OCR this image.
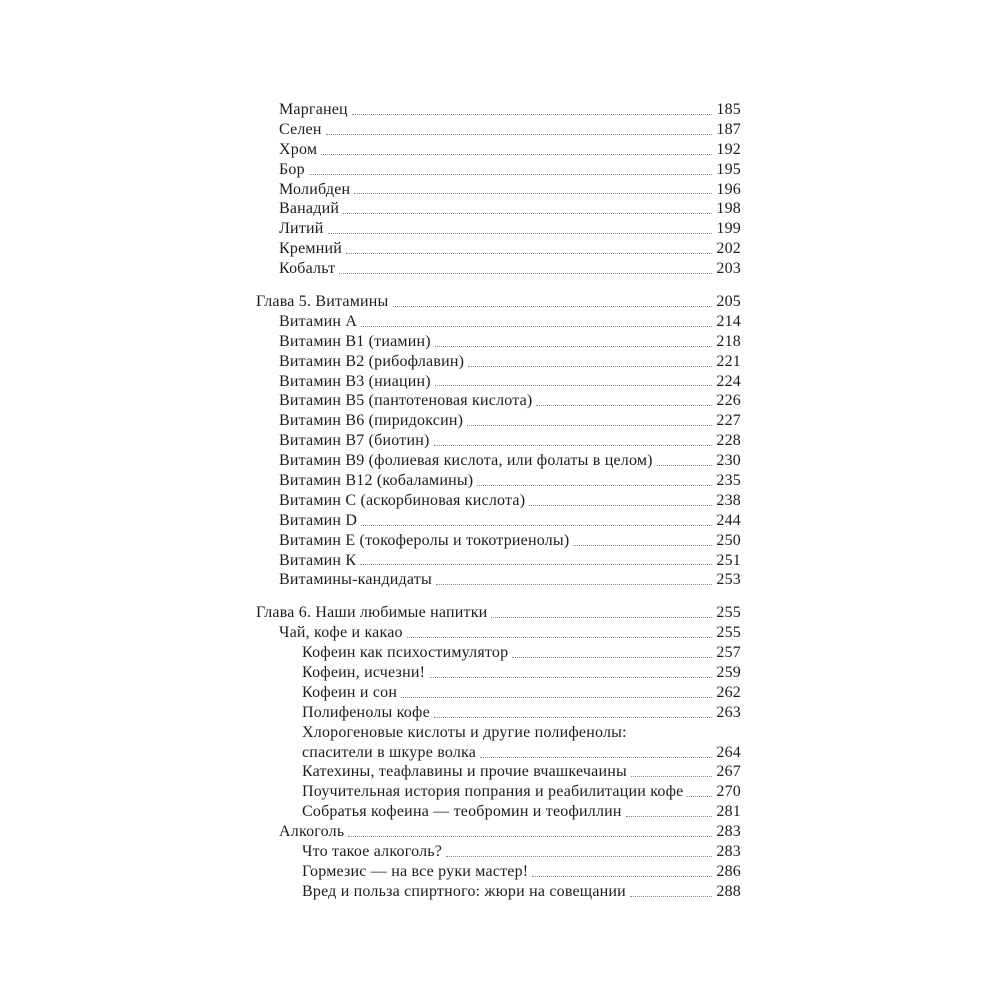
Марганец	185
Селен	187
Хром	192
Бор	195
Молибден	196
Ванадий	198
Литий	199
Кремний	202
Кобальт	203
Глава 5. Витамины	205
Витамин А	214
Витамин В1 (тиамин)	218
Витамин В2 (рибофлавин)	221
Витамин В3 (ниацин)	224
Витамин В5 (пантотеновая кислота)	226
Витамин В6 (пиридоксин)	227
Витамин В7 (биотин)	228
Витамин В9 (фолиевая кислота, или фолаты в целом)	230
Витамин В12 (кобаламины)	235
Витамин С (аскорбиновая кислота)	238
Витамин D	244
Витамин Е (токоферолы и токотриенолы)	250
Витамин К	251
Витамины-кандидаты	253
Глава 6. Наши любимые напитки	255
Чай, кофе и какао	255
Кофеин как психостимулятор	257
Кофеин, исчезни!	259
Кофеин и сон	262
Полифенолы кофе	263
Хлорогеновые кислоты и другие полифенолы:
спасители в шкуре волка	264
Катехины, теафлавины и прочие вчашкечаины	267
Поучительная история попрания и реабилитации кофе 270
Собратья кофеина — теобромин и теофиллин	281
Алкоголь	283
Что такое алкоголь?	283
Гормезис — на все руки мастер!	286
Вред и польза спиртного: жюри на совещании	288
